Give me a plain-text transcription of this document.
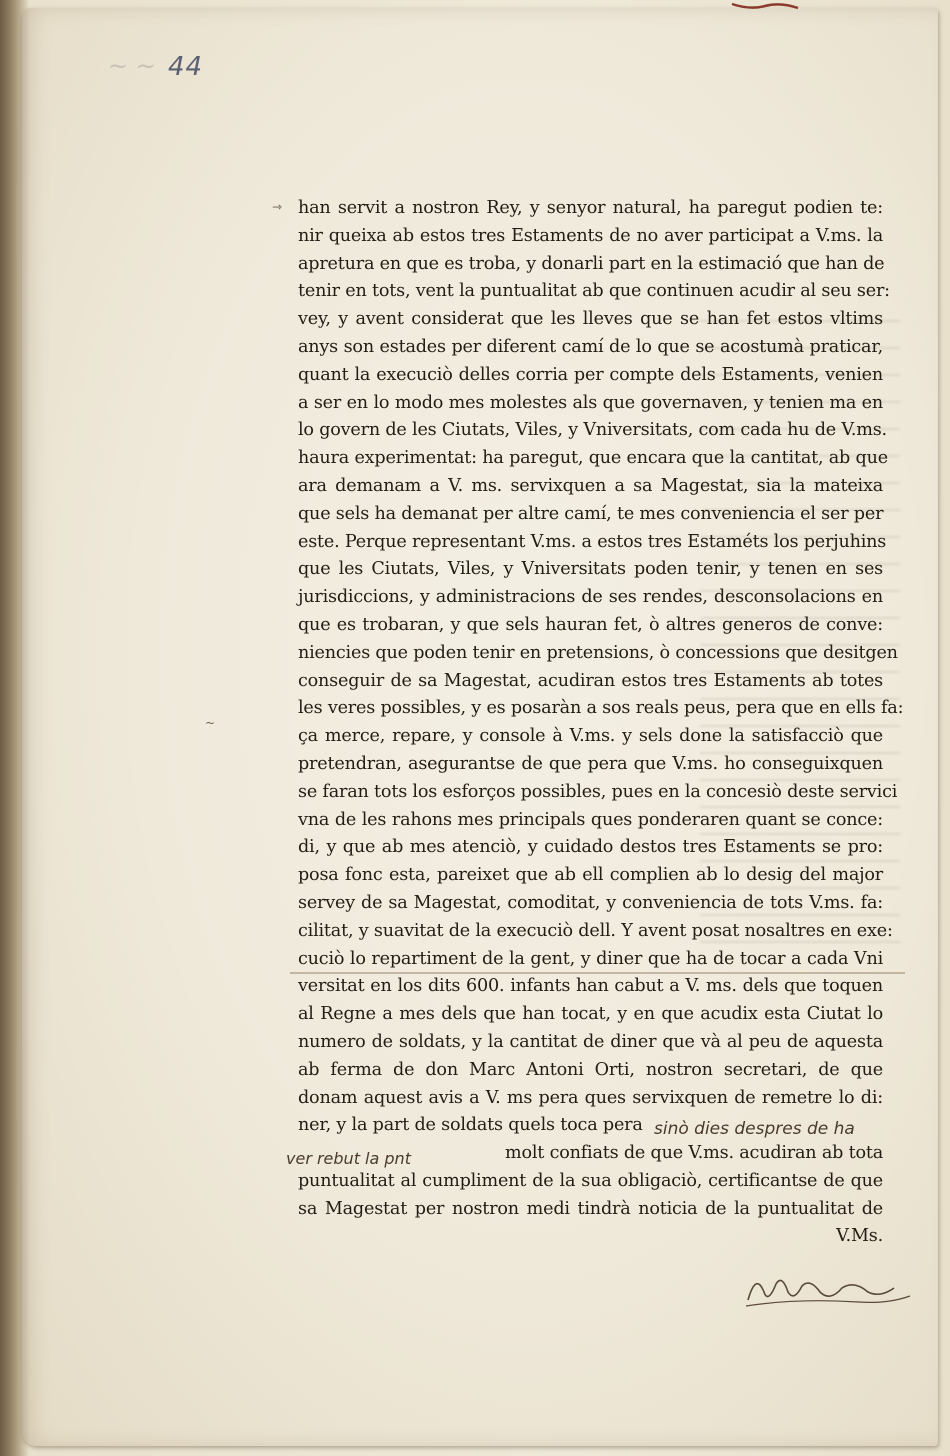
~ ~ 44
⇾
~
han servit a nostron Rey, y senyor natural, ha paregut podien te:
nir queixa ab estos tres Estaments de no aver participat a V.ms. la
apretura en que es troba, y donarli part en la estimació que han de
tenir en tots, vent la puntualitat ab que continuen acudir al seu ser:
vey, y avent considerat que les lleves que se han fet estos vltims
anys son estades per diferent camí de lo que se acostumà praticar,
quant la execuciò delles corria per compte dels Estaments, venien
a ser en lo modo mes molestes als que governaven, y tenien ma en
lo govern de les Ciutats, Viles, y Vniversitats, com cada hu de V.ms.
haura experimentat: ha paregut, que encara que la cantitat, ab que
ara demanam a V. ms. servixquen a sa Magestat, sia la mateixa
que sels ha demanat per altre camí, te mes conveniencia el ser per
este. Perque representant V.ms. a estos tres Estaméts los perjuhins
que les Ciutats, Viles, y Vniversitats poden tenir, y tenen en ses
jurisdiccions, y administracions de ses rendes, desconsolacions en
que es trobaran, y que sels hauran fet, ò altres generos de conve:
niencies que poden tenir en pretensions, ò concessions que desitgen
conseguir de sa Magestat, acudiran estos tres Estaments ab totes
les veres possibles, y es posaràn a sos reals peus, pera que en ells fa:
ça merce, repare, y console à V.ms. y sels done la satisfacciò que
pretendran, asegurantse de que pera que V.ms. ho conseguixquen
se faran tots los esforços possibles, pues en la concesiò deste servici
vna de les rahons mes principals ques ponderaren quant se conce:
di, y que ab mes atenciò, y cuidado destos tres Estaments se pro:
posa fonc esta, pareixet que ab ell complien ab lo desig del major
servey de sa Magestat, comoditat, y conveniencia de tots V.ms. fa:
cilitat, y suavitat de la execuciò dell. Y avent posat nosaltres en exe:
cuciò lo repartiment de la gent, y diner que ha de tocar a cada Vni
versitat en los dits 600. infants han cabut a V. ms. dels que toquen
al Regne a mes dels que han tocat, y en que acudix esta Ciutat lo
numero de soldats, y la cantitat de diner que và al peu de aquesta
ab ferma de don Marc Antoni Orti, nostron secretari, de que
donam aquest avis a V. ms pera ques servixquen de remetre lo di:
ner, y la part de soldats quels toca pera
molt confiats de que V.ms. acudiran ab tota
puntualitat al cumpliment de la sua obligaciò, certificantse de que
sa Magestat per nostron medi tindrà noticia de la puntualitat de
V.Ms.
sinò dies despres de ha
ver rebut la pnt
